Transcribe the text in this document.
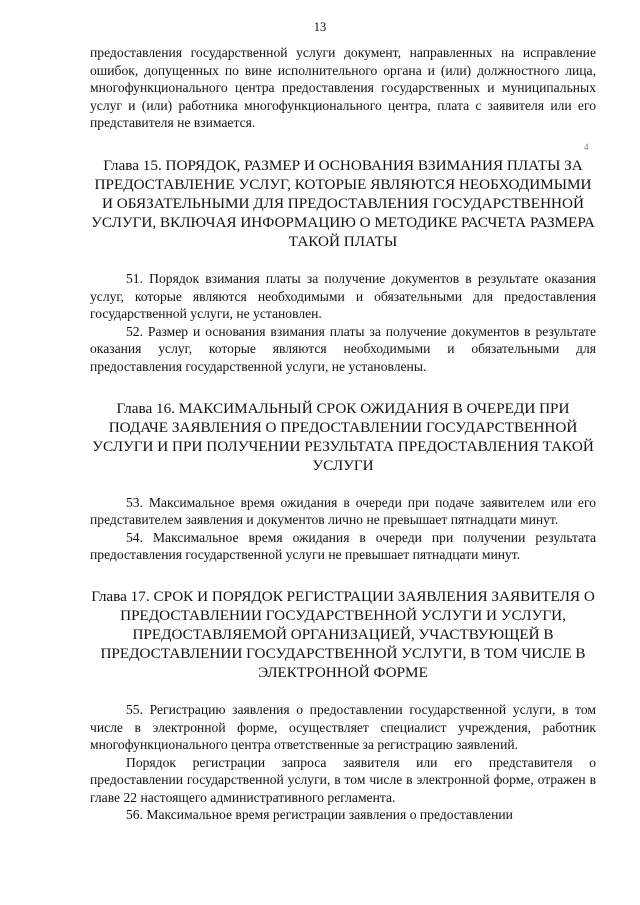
13
4

предоставления государственной услуги документ, направленных на исправление ошибок, допущенных по вине исполнительного органа и (или) должностного лица, многофункционального центра предоставления государственных и муниципальных услуг и (или) работника многофункционального центра, плата с заявителя или его представителя не взимается.

Глава 15. ПОРЯДОК, РАЗМЕР И ОСНОВАНИЯ ВЗИМАНИЯ ПЛАТЫ ЗА ПРЕДОСТАВЛЕНИЕ УСЛУГ, КОТОРЫЕ ЯВЛЯЮТСЯ НЕОБХОДИМЫМИ И ОБЯЗАТЕЛЬНЫМИ ДЛЯ ПРЕДОСТАВЛЕНИЯ ГОСУДАРСТВЕННОЙ УСЛУГИ, ВКЛЮЧАЯ ИНФОРМАЦИЮ О МЕТОДИКЕ РАСЧЕТА РАЗМЕРА ТАКОЙ ПЛАТЫ

51. Порядок взимания платы за получение документов в результате оказания услуг, которые являются необходимыми и обязательными для предоставления государственной услуги, не установлен.

52. Размер и основания взимания платы за получение документов в результате оказания услуг, которые являются необходимыми и обязательными для предоставления государственной услуги, не установлены.

Глава 16. МАКСИМАЛЬНЫЙ СРОК ОЖИДАНИЯ В ОЧЕРЕДИ ПРИ ПОДАЧЕ ЗАЯВЛЕНИЯ О ПРЕДОСТАВЛЕНИИ ГОСУДАРСТВЕННОЙ УСЛУГИ И ПРИ ПОЛУЧЕНИИ РЕЗУЛЬТАТА ПРЕДОСТАВЛЕНИЯ ТАКОЙ УСЛУГИ

53. Максимальное время ожидания в очереди при подаче заявителем или его представителем заявления и документов лично не превышает пятнадцати минут.

54. Максимальное время ожидания в очереди при получении результата предоставления государственной услуги не превышает пятнадцати минут.

Глава 17. СРОК И ПОРЯДОК РЕГИСТРАЦИИ ЗАЯВЛЕНИЯ ЗАЯВИТЕЛЯ О ПРЕДОСТАВЛЕНИИ ГОСУДАРСТВЕННОЙ УСЛУГИ И УСЛУГИ, ПРЕДОСТАВЛЯЕМОЙ ОРГАНИЗАЦИЕЙ, УЧАСТВУЮЩЕЙ В ПРЕДОСТАВЛЕНИИ ГОСУДАРСТВЕННОЙ УСЛУГИ, В ТОМ ЧИСЛЕ В ЭЛЕКТРОННОЙ ФОРМЕ

55. Регистрацию заявления о предоставлении государственной услуги, в том числе в электронной форме, осуществляет специалист учреждения, работник многофункционального центра ответственные за регистрацию заявлений.

Порядок регистрации запроса заявителя или его представителя о предоставлении государственной услуги, в том числе в электронной форме, отражен в главе 22 настоящего административного регламента.

56. Максимальное время регистрации заявления о предоставлении
